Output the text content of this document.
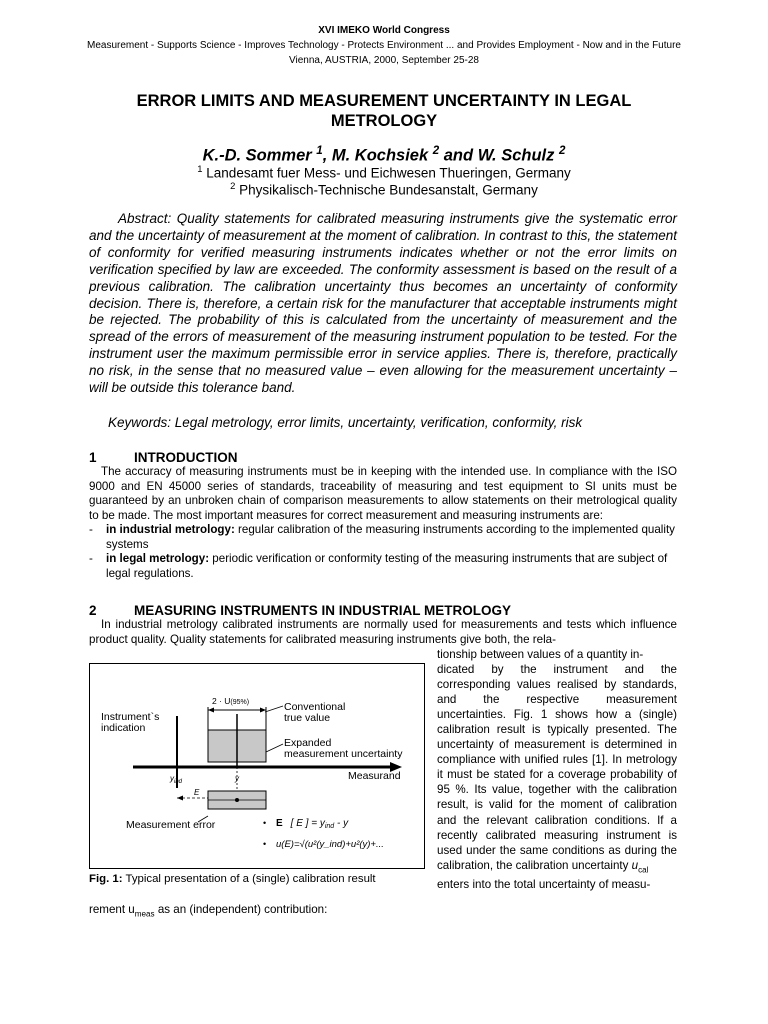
XVI IMEKO World Congress
Measurement - Supports Science - Improves Technology - Protects Environment ... and Provides Employment - Now and in the Future
Vienna, AUSTRIA, 2000, September 25-28
ERROR LIMITS AND MEASUREMENT UNCERTAINTY IN LEGAL METROLOGY
K.-D. Sommer $^1$, M. Kochsiek $^2$ and W. Schulz $^2$
$^1$ Landesamt fuer Mess- und Eichwesen Thueringen, Germany
$^2$ Physikalisch-Technische Bundesanstalt, Germany

Abstract: Quality statements for calibrated measuring instruments give the systematic error and the uncertainty of measurement at the moment of calibration. In contrast to this, the statement of conformity for verified measuring instruments indicates whether or not the error limits on verification specified by law are exceeded. The conformity assessment is based on the result of a previous calibration. The calibration uncertainty thus becomes an uncertainty of conformity decision. There is, therefore, a certain risk for the manufacturer that acceptable instruments might be rejected. The probability of this is calculated from the uncertainty of measurement and the spread of the errors of measurement of the measuring instrument population to be tested. For the instrument user the maximum permissible error in service applies. There is, therefore, practically no risk, in the sense that no measured value – even allowing for the measurement uncertainty – will be outside this tolerance band.

Keywords: Legal metrology, error limits, uncertainty, verification, conformity, risk
1	INTRODUCTION

The accuracy of measuring instruments must be in keeping with the intended use. In compliance with the ISO 9000 and EN 45000 series of standards, traceability of measuring and test equipment to SI units must be guaranteed by an unbroken chain of comparison measurements to allow statements on their metrological quality to be made. The most important measures for correct measurement and measuring instruments are:

- in industrial metrology: regular calibration of the measuring instruments according to the implemented quality systems
- in legal metrology: periodic verification or conformity testing of the measuring instruments that are subject of legal regulations.
2	MEASURING INSTRUMENTS IN INDUSTRIAL METROLOGY

In industrial metrology calibrated instruments are normally used for measurements and tests which influence product quality. Quality statements for calibrated measuring instruments give both, the rela-

tionship between values of a quantity in-

dicated by the instrument and the corresponding values realised by standards, and the respective measurement uncertainties. Fig. 1 shows how a (single) calibration result is typically presented. The uncertainty of measurement is determined in compliance with unified rules [1]. In metrology it must be stated for a coverage probability of 95 %. Its value, together with the calibration result, is valid for the moment of calibration and the relevant calibration conditions. If a recently calibrated measuring instrument is used under the same conditions as during the calibration, the calibration uncertainty $u_{cal}$

enters into the total uncertainty of measu-

2 · U(95%)
Instrument`s
indication
Conventional
true value
Expanded
measurement uncertainty
Measurand
$y_{ind}$	y
E
Measurement error	• E [ E ] = $y_{ind}$ - y
• u(E)=√(u²(y_ind)+u²(y)+...
Fig. 1: Typical presentation of a (single) calibration result
rement $u_{meas}$ as an (independent) contribution:
